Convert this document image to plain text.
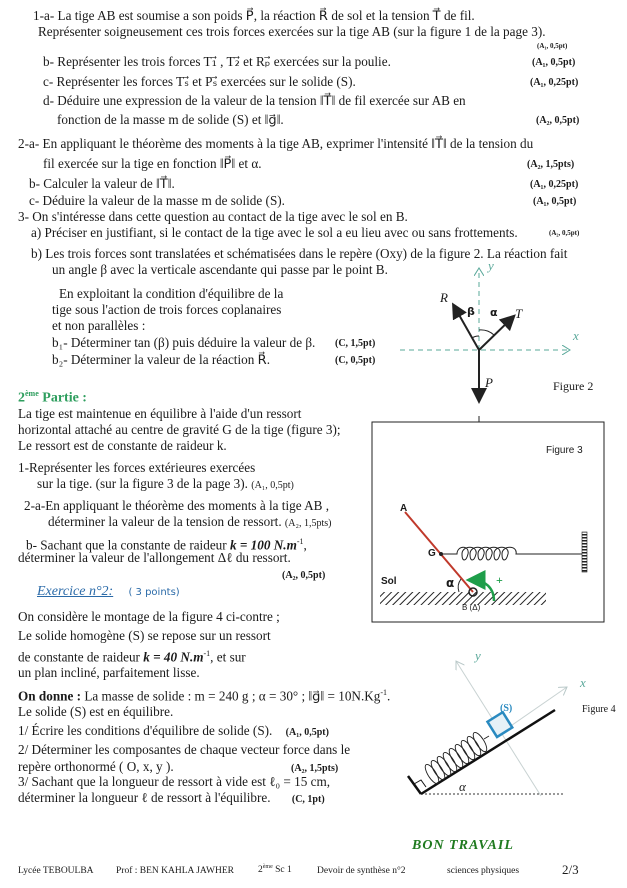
1-a- La tige AB est soumise a son poids P⃗, la réaction R⃗ de sol et la tension T⃗ de fil.
Représenter soigneusement ces trois forces exercées sur la tige AB (sur la figure 1 de la page 3).
(A₁, 0,5pt)
b- Représenter les trois forces T₁⃗ , T₂⃗ et Rₚ⃗ exercées sur la poulie.	(A₁, 0,5pt)
c- Représenter les forces Tₛ⃗ et Pₛ⃗ exercées sur le solide (S).	(A₁, 0,25pt)
d- Déduire une expression de la valeur de la tension ‖T⃗‖ de fil exercée sur AB en
fonction de la masse m de solide (S) et ‖g⃗‖.	(A₂, 0,5pt)
2-a- En appliquant le théorème des moments à la tige AB, exprimer l'intensité ‖T⃗‖ de la tension du
fil exercée sur la tige en fonction ‖P⃗‖ et α.	(A₂, 1,5pts)
b- Calculer la valeur de ‖T⃗‖.	(A₁, 0,25pt)
c- Déduire la valeur de la masse m de solide (S).	(A₁, 0,5pt)
3- On s'intéresse dans cette question au contact de la tige avec le sol en B.
a) Préciser en justifiant, si le contact de la tige avec le sol a eu lieu avec ou sans frottements.	(A₂, 0,5pt)
b) Les trois forces sont translatées et schématisées dans le repère (Oxy) de la figure 2. La réaction fait
un angle β avec la verticale ascendante qui passe par le point B.
En exploitant la condition d'équilibre de la
tige sous l'action de trois forces coplanaires
et non parallèles :
b₁- Déterminer tan (β) puis déduire la valeur de β. (C, 1,5pt)
b₂- Déterminer la valeur de la réaction R⃗.	(C, 0,5pt)
y
x
R⃗
β α T⃗
P⃗	Figure 2
2ème Partie :
La tige est maintenue en équilibre à l'aide d'un ressort
horizontal attaché au centre de gravité G de la tige (figure 3);
Le ressort est de constante de raideur k.
1-Représenter les forces extérieures exercées
sur la tige. (sur la figure 3 de la page 3). (A₁, 0,5pt)
2-a-En appliquant le théorème des moments à la tige AB ,
déterminer la valeur de la tension de ressort. (A₂, 1,5pts)
b- Sachant que la constante de raideur k = 100 $N.m^{-1}$,
déterminer la valeur de l'allongement Δℓ du ressort.
(A₂, 0,5pt)
Figure 3
A
G
Sol	α	+
B (Δ)
Exercice n°2: ( 3 points)
On considère le montage de la figure 4 ci-contre ;
Le solide homogène (S) se repose sur un ressort
de constante de raideur k = 40 $N.m^{-1}$, et sur
un plan incliné, parfaitement lisse.
On donne : La masse de solide : m = 240 g ; α = 30° ; ‖g⃗‖ = $10N.Kg^{-1}$.
Le solide (S) est en équilibre.
1/ Écrire les conditions d'équilibre de solide (S). (A₁, 0,5pt)
2/ Déterminer les composantes de chaque vecteur force dans le
repère orthonormé ( O, x, y ).	(A₂, 1,5pts)
3/ Sachant que la longueur de ressort à vide est ℓ₀ = 15 cm,
déterminer la longueur ℓ de ressort à l'équilibre. (C, 1pt)
(S)
y
x
α
Figure 4
BON TRAVAIL
Lycée TEBOULBA Prof : BEN KAHLA JAWHER	2ème Sc 1	Devoir de synthèse n°2	sciences physiques	2/3
